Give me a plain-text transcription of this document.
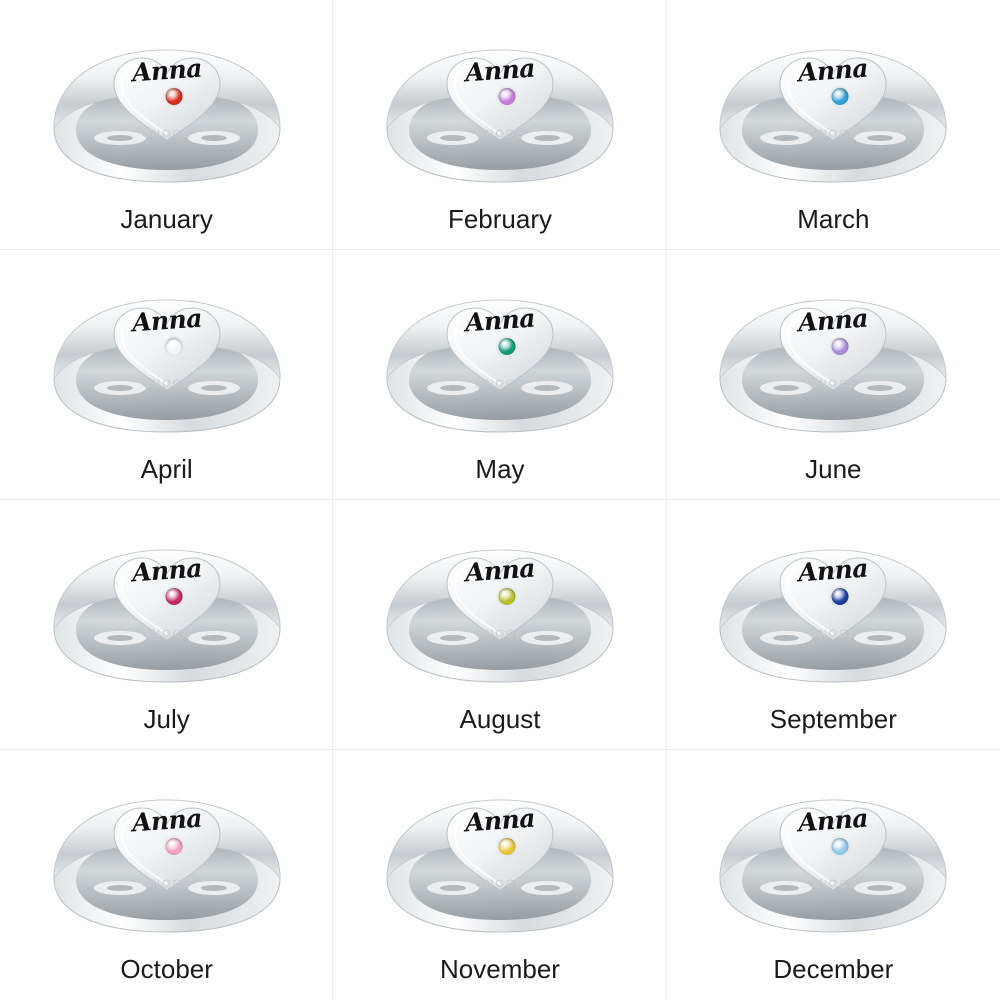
Anna
GNOCE
January
Anna
GNOCE
February
Anna
GNOCE
March
Anna
GNOCE
April
Anna
GNOCE
May
Anna
GNOCE
June
Anna
GNOCE
July
Anna
GNOCE
August
Anna
GNOCE
September
Anna
GNOCE
October
Anna
GNOCE
November
Anna
GNOCE
December
